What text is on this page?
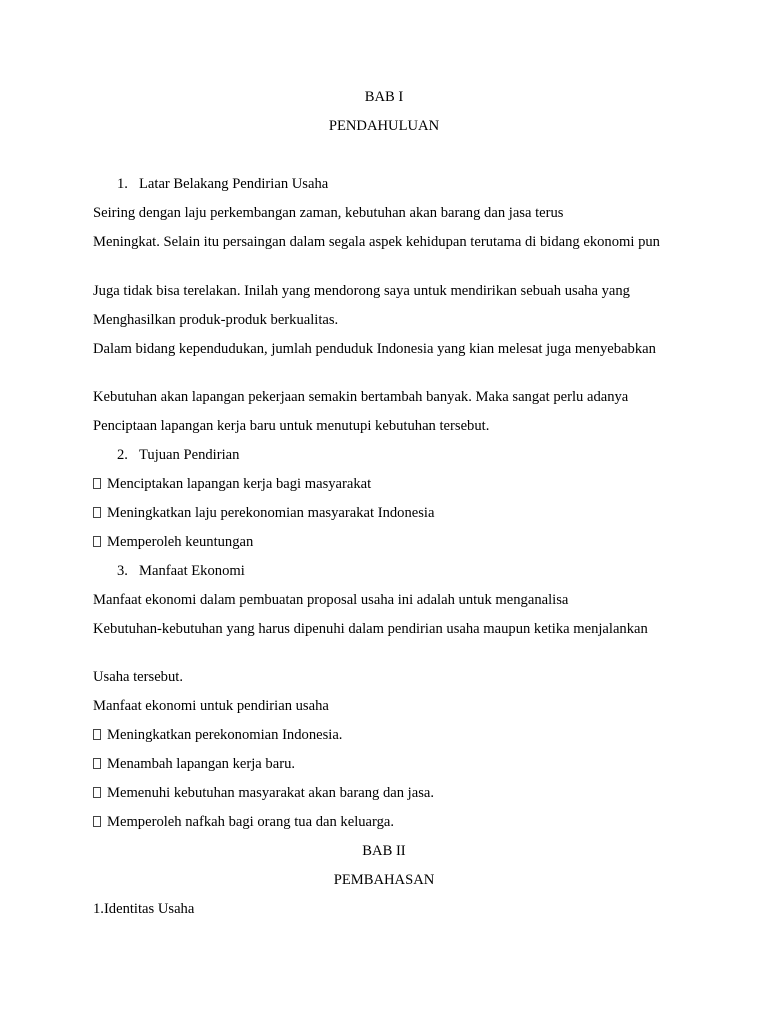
BAB I
PENDAHULUAN
1. Latar Belakang Pendirian Usaha
Seiring dengan laju perkembangan zaman, kebutuhan akan barang dan jasa terus
Meningkat. Selain itu persaingan dalam segala aspek kehidupan terutama di bidang ekonomi pun
Juga tidak bisa terelakan. Inilah yang mendorong saya untuk mendirikan sebuah usaha yang
Menghasilkan produk-produk berkualitas.
Dalam bidang kependudukan, jumlah penduduk Indonesia yang kian melesat juga menyebabkan
Kebutuhan akan lapangan pekerjaan semakin bertambah banyak. Maka sangat perlu adanya
Penciptaan lapangan kerja baru untuk menutupi kebutuhan tersebut.
2. Tujuan Pendirian
Menciptakan lapangan kerja bagi masyarakat
Meningkatkan laju perekonomian masyarakat Indonesia
Memperoleh keuntungan
3. Manfaat Ekonomi
Manfaat ekonomi dalam pembuatan proposal usaha ini adalah untuk menganalisa
Kebutuhan-kebutuhan yang harus dipenuhi dalam pendirian usaha maupun ketika menjalankan
Usaha tersebut.
Manfaat ekonomi untuk pendirian usaha
Meningkatkan perekonomian Indonesia.
Menambah lapangan kerja baru.
Memenuhi kebutuhan masyarakat akan barang dan jasa.
Memperoleh nafkah bagi orang tua dan keluarga.
BAB II
PEMBAHASAN
1.Identitas Usaha
